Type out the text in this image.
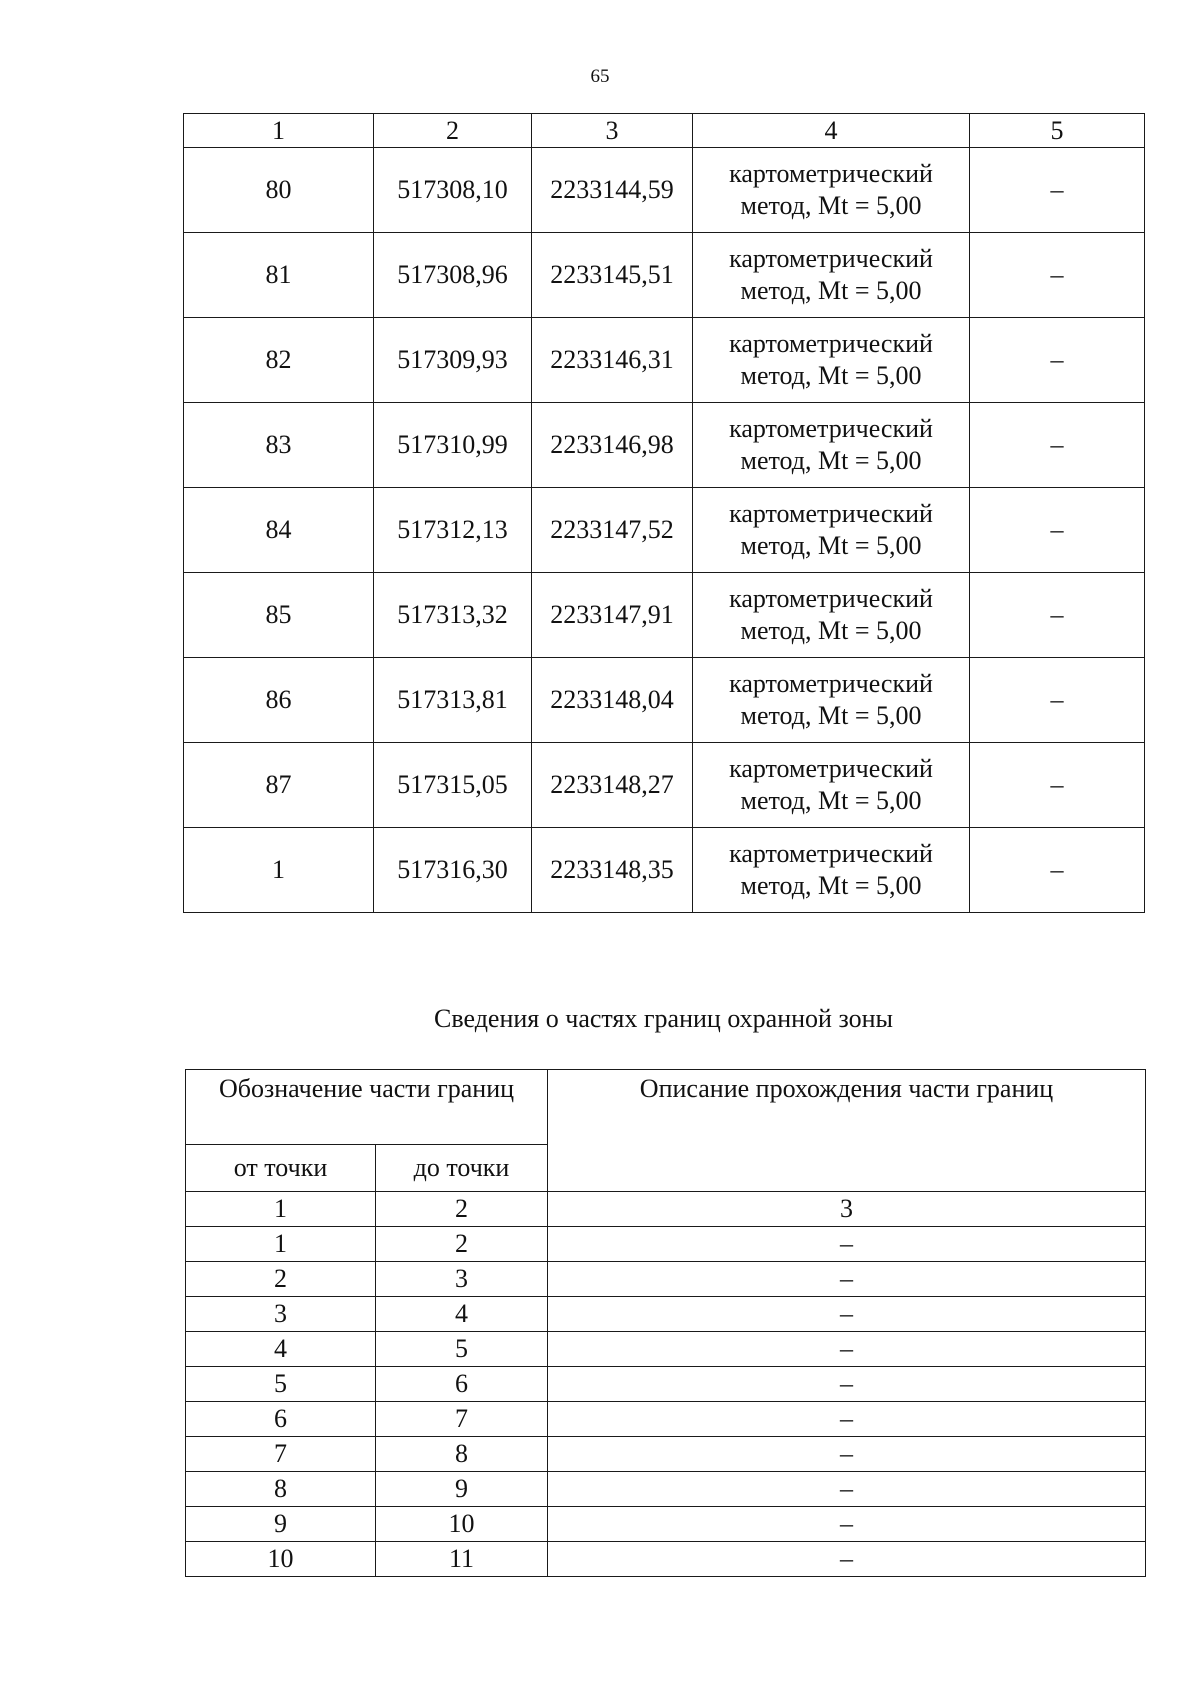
65
1	2	3	4	5
80	517308,10	2233144,59	картометрический
метод, Mt = 5,00	–
81	517308,96	2233145,51	картометрический
метод, Mt = 5,00	–
82	517309,93	2233146,31	картометрический
метод, Mt = 5,00	–
83	517310,99	2233146,98	картометрический
метод, Mt = 5,00	–
84	517312,13	2233147,52	картометрический
метод, Mt = 5,00	–
85	517313,32	2233147,91	картометрический
метод, Mt = 5,00	–
86	517313,81	2233148,04	картометрический
метод, Mt = 5,00	–
87	517315,05	2233148,27	картометрический
метод, Mt = 5,00	–
1	517316,30	2233148,35	картометрический
метод, Mt = 5,00	–
Сведения о частях границ охранной зоны
Обозначение части границ		Описание прохождения части границ
от точки	до точки	
1	2	3
1	2	–
2	3	–
3	4	–
4	5	–
5	6	–
6	7	–
7	8	–
8	9	–
9	10	–
10	11	–
